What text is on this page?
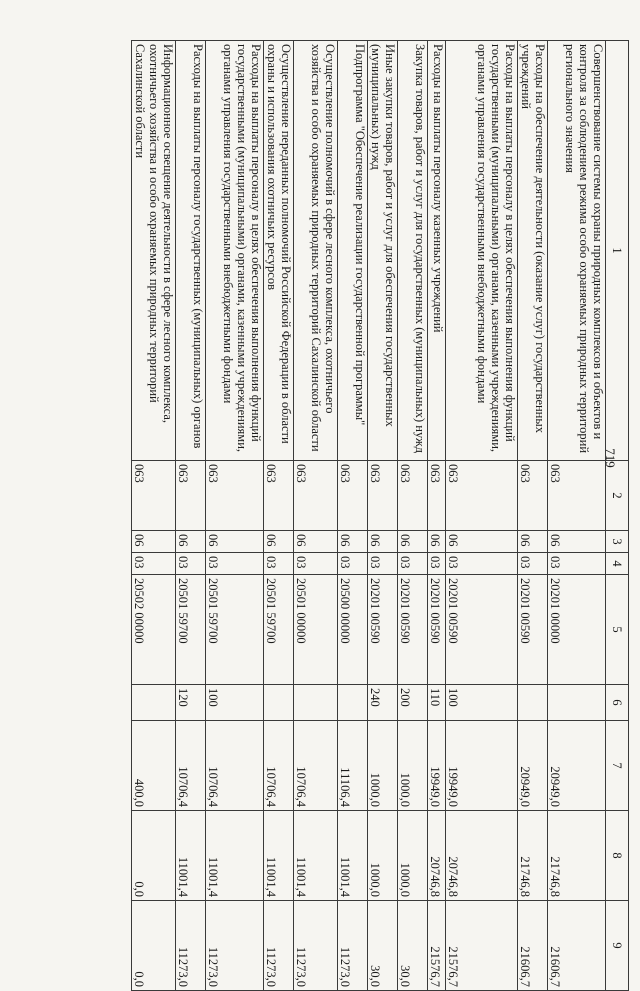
1	2	3	4	5	6	7	8	9
Совершенствование системы охраны природных комплексов и объектов и контроля за соблюдением режима особо охраняемых природных территорий регионального значения	063	06	03	20201 00000		20949,0	21746,8	21606,7
Расходы на обеспечение деятельности (оказание услуг) государственных учреждений	063	06	03	20201 00590		20949,0	21746,8	21606,7
Расходы на выплаты персоналу в целях обеспечения выполнения функций государственными (муниципальными) органами, казенными учреждениями, органами управления государственными внебюджетными фондами	063	06	03	20201 00590	100	19949,0	20746,8	21576,7
Расходы на выплаты персоналу казенных учреждений	063	06	03	20201 00590	110	19949,0	20746,8	21576,7
Закупка товаров, работ и услуг для государственных (муниципальных) нужд	063	06	03	20201 00590	200	1000,0	1000,0	30,0
Иные закупки товаров, работ и услуг для обеспечения государственных (муниципальных) нужд	063	06	03	20201 00590	240	1000,0	1000,0	30,0
Подпрограмма "Обеспечение реализации государственной программы"	063	06	03	20500 00000		11106,4	11001,4	11273,0
Осуществление полномочий в сфере лесного комплекса, охотничьего хозяйства и особо охраняемых природных территорий Сахалинской области	063	06	03	20501 00000		10706,4	11001,4	11273,0
Осуществление переданных полномочий Российской Федерации в области охраны и использования охотничьих ресурсов	063	06	03	20501 59700		10706,4	11001,4	11273,0
Расходы на выплаты персоналу в целях обеспечения выполнения функций государственными (муниципальными) органами, казенными учреждениями, органами управления государственными внебюджетными фондами	063	06	03	20501 59700	100	10706,4	11001,4	11273,0
Расходы на выплаты персоналу государственных (муниципальных) органов	063	06	03	20501 59700	120	10706,4	11001,4	11273,0
Информационное освещение деятельности в сфере лесного комплекса, охотничьего хозяйства и особо охраняемых природных территорий Сахалинской области	063	06	03	20502 00000		400,0	0,0	0,0
719
